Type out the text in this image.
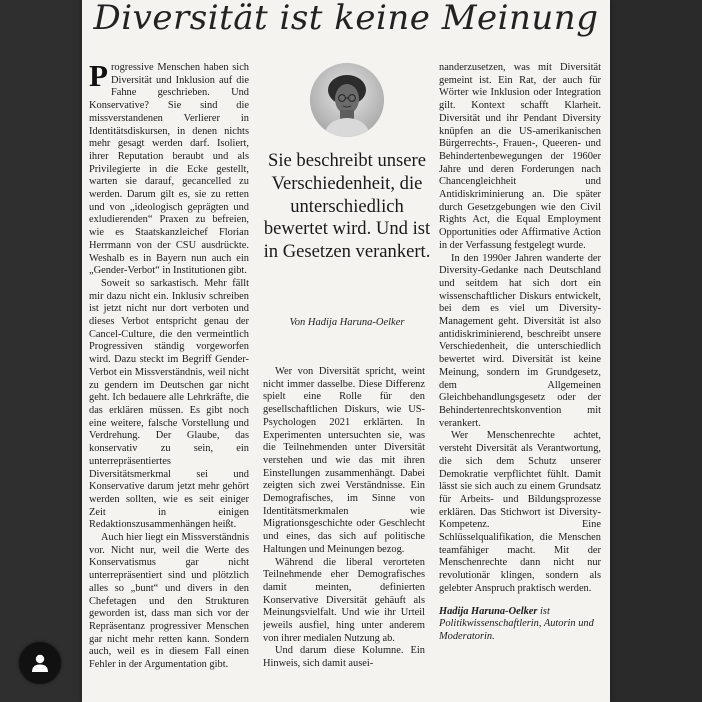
Diversität ist keine Meinung

Progressive Menschen haben sich Diversität und Inklusion auf die Fahne geschrieben. Und Konservative? Sie sind die missverstandenen Verlierer in Identitätsdiskursen, in denen nichts mehr gesagt werden darf. Isoliert, ihrer Reputation beraubt und als Privilegierte in die Ecke gestellt, warten sie darauf, gecancelled zu werden. Darum gilt es, sie zu retten und von „ideologisch geprägten und exludierenden“ Praxen zu befreien, wie es Staatskanzleichef Florian Herrmann von der CSU ausdrückte. Weshalb es in Bayern nun auch ein „Gender-Verbot“ in Institutionen gibt.

Soweit so sarkastisch. Mehr fällt mir dazu nicht ein. Inklusiv schreiben ist jetzt nicht nur dort verboten und dieses Verbot entspricht genau der Cancel-Culture, die den vermeintlich Progressiven ständig vorgeworfen wird. Dazu steckt im Begriff Gender-Verbot ein Missverständnis, weil nicht zu gendern im Deutschen gar nicht geht. Ich bedauere alle Lehrkräfte, die das erklären müssen. Es gibt noch eine weitere, falsche Vorstellung und Verdrehung. Der Glaube, das konservativ zu sein, ein unterrepräsentiertes Diversitätsmerkmal sei und Konservative darum jetzt mehr gehört werden sollten, wie es seit einiger Zeit in einigen Redaktionszusammenhängen heißt.

Auch hier liegt ein Missverständnis vor. Nicht nur, weil die Werte des Konservatismus gar nicht unterrepräsentiert sind und plötzlich alles so „bunt“ und divers in den Chefetagen und den Strukturen geworden ist, dass man sich vor der Repräsentanz progressiver Menschen gar nicht mehr retten kann. Sondern auch, weil es in diesem Fall einen Fehler in der Argumentation gibt.

Sie beschreibt unsere Verschiedenheit, die unterschiedlich bewertet wird. Und ist in Gesetzen verankert.

Von Hadija Haruna-Oelker

Wer von Diversität spricht, weint nicht immer dasselbe. Diese Differenz spielt eine Rolle für den gesellschaftlichen Diskurs, wie US-Psychologen 2021 erklärten. In Experimenten untersuchten sie, was die Teilnehmenden unter Diversität verstehen und wie das mit ihren Einstellungen zusammenhängt. Dabei zeigten sich zwei Verständnisse. Ein Demografisches, im Sinne von Identitätsmerkmalen wie Migrationsgeschichte oder Geschlecht und eines, das sich auf politische Haltungen und Meinungen bezog.

Während die liberal verorteten Teilnehmende eher Demografisches damit meinten, definierten Konservative Diversität gehäuft als Meinungsvielfalt. Und wie ihr Urteil jeweils ausfiel, hing unter anderem von ihrer medialen Nutzung ab.

Und darum diese Kolumne. Ein Hinweis, sich damit ausei-

nanderzusetzen, was mit Diversität gemeint ist. Ein Rat, der auch für Wörter wie Inklusion oder Integration gilt. Kontext schafft Klarheit. Diversität und ihr Pendant Diversity knüpfen an die US-amerikanischen Bürgerrechts-, Frauen-, Queeren- und Behindertenbewegungen der 1960er Jahre und deren Forderungen nach Chancengleichheit und Antidiskriminierung an. Die später durch Gesetzgebungen wie den Civil Rights Act, die Equal Employment Opportunities oder Affirmative Action in der Verfassung festgelegt wurde.

In den 1990er Jahren wanderte der Diversity-Gedanke nach Deutschland und seitdem hat sich dort ein wissenschaftlicher Diskurs entwickelt, bei dem es viel um Diversity-Management geht. Diversität ist also antidiskriminierend, beschreibt unsere Verschiedenheit, die unterschiedlich bewertet wird. Diversität ist keine Meinung, sondern im Grundgesetz, dem Allgemeinen Gleichbehandlungsgesetz oder der Behindertenrechtskonvention mit verankert.

Wer Menschenrechte achtet, versteht Diversität als Verantwortung, die sich dem Schutz unserer Demokratie verpflichtet fühlt. Damit lässt sie sich auch zu einem Grundsatz für Arbeits- und Bildungsprozesse erklären. Das Stichwort ist Diversity-Kompetenz. Eine Schlüsselqualifikation, die Menschen teamfähiger macht. Mit der Menschenrechte dann nicht nur revolutionär klingen, sondern als gelebter Anspruch praktisch werden.

Hadija Haruna-Oelker ist Politikwissenschaftlerin, Autorin und Moderatorin.
